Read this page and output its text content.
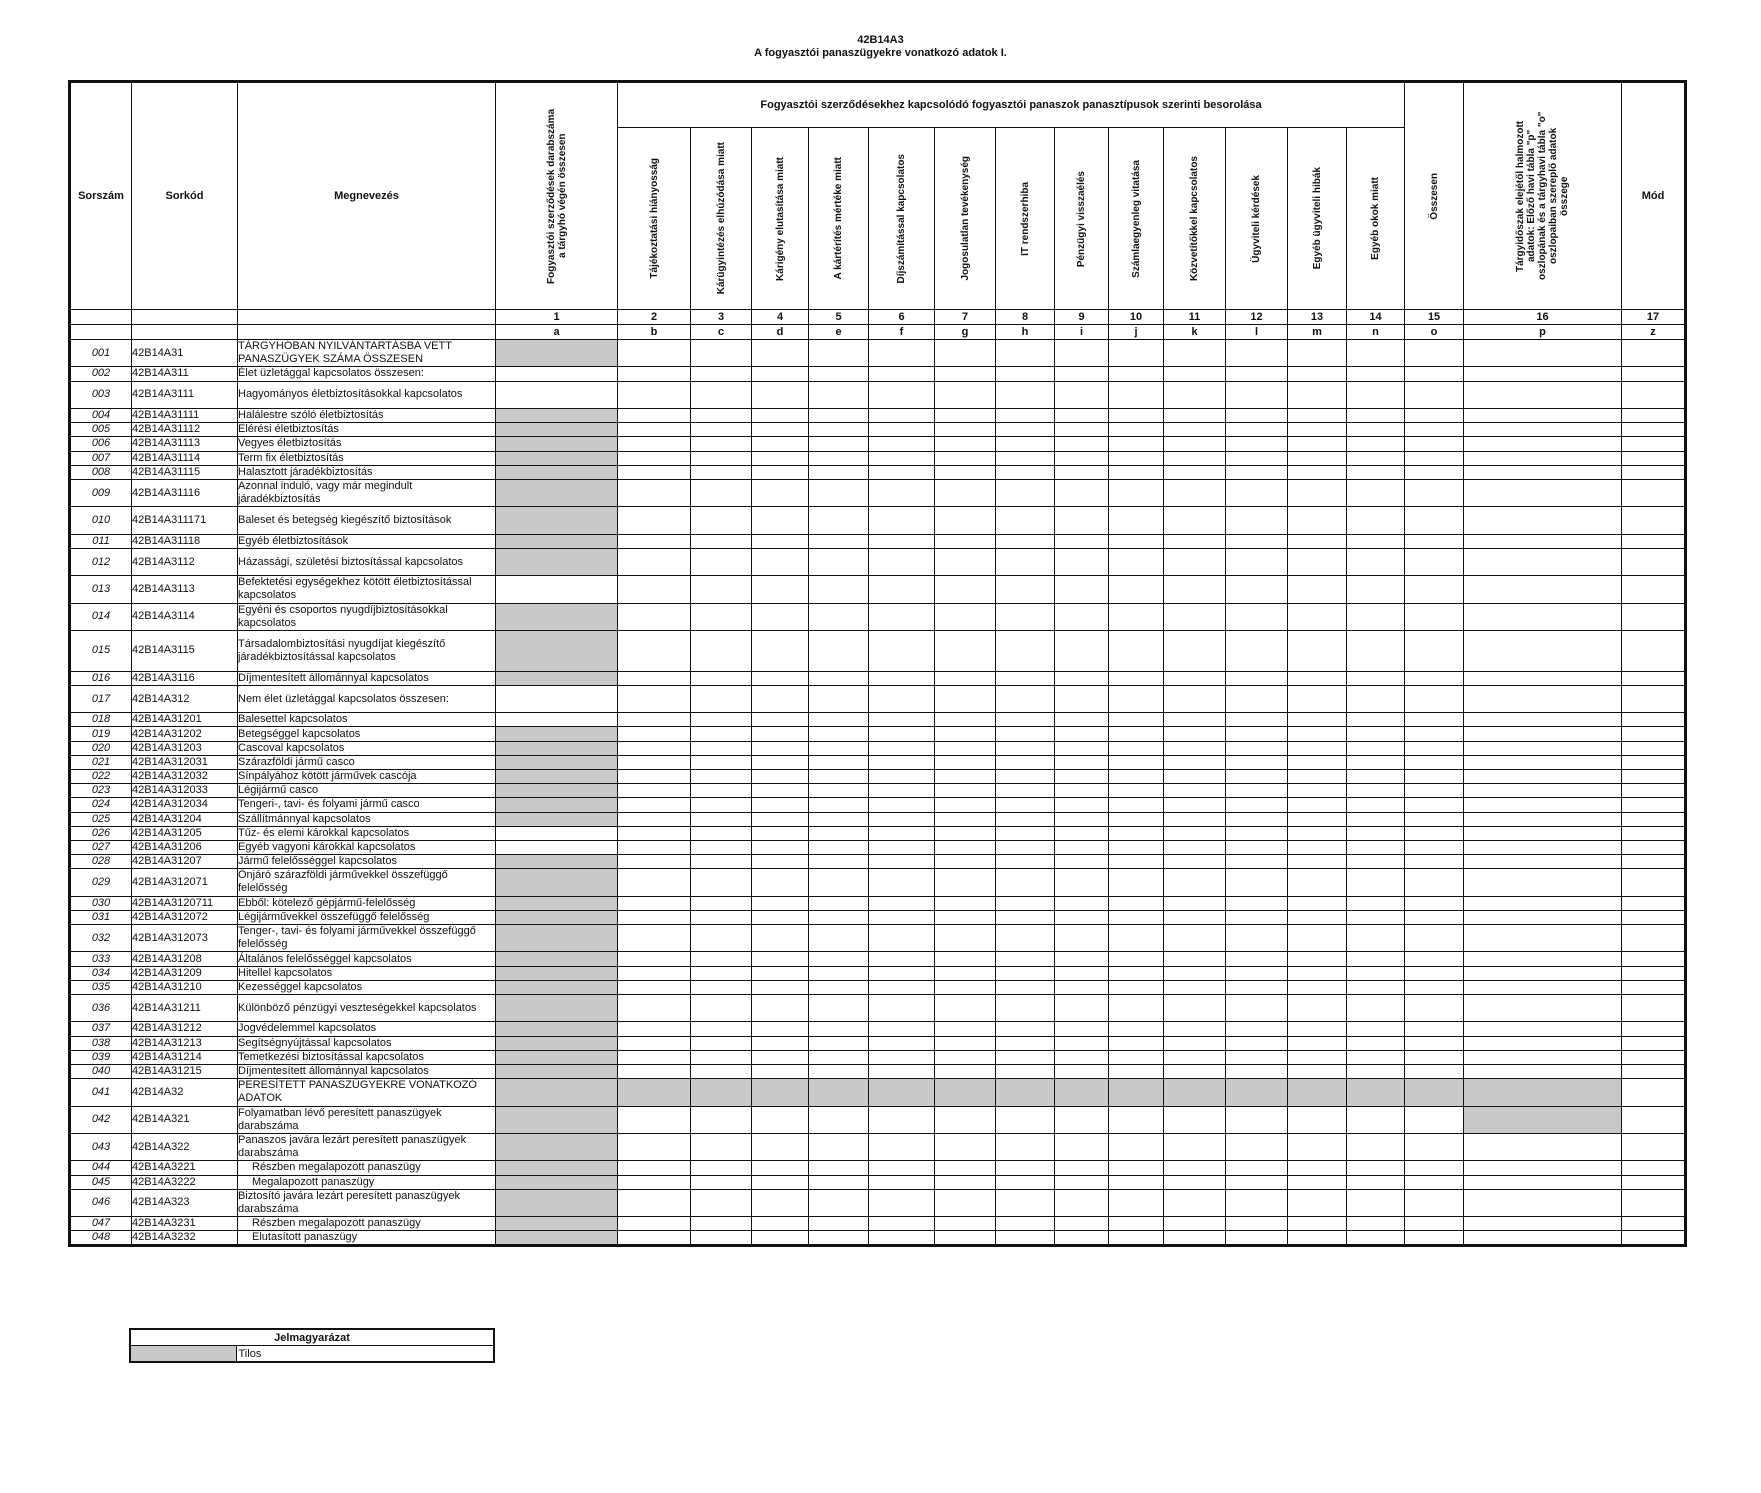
42B14A3
A fogyasztói panaszügyekre vonatkozó adatok I.
Sorszám	Sorkód	Megnevezés	Fogyasztói szerződések darabszáma a tárgyhó végén összesen	Fogyasztói szerződésekhez kapcsolódó fogyasztói panaszok panasztípusok szerinti besorolása													Összesen	Tárgyidőszak elejétől halmozott adatok: Előző havi tábla "p" oszlopának és a tárgyhavi tábla "o" oszlopaiban szereplő adatok összege	Mód

				Tájékoztatási hiányosság	Kárügyintézés elhúzódása miatt	Kárigény elutasítása miatt	A kártérítés mértéke miatt	Díjszámítással kapcsolatos	Jogosulatlan tevékenység	IT rendszerhiba	Pénzügyi visszaélés	Számlaegyenleg vitatása	Közvetítőkkel kapcsolatos	Ügyviteli kérdések	Egyéb ügyviteli hibák	Egyéb okok miatt			

			1	2	3	4	5	6	7	8	9	10	11	12	13	14	15	16	17
			a	b	c	d	e	f	g	h	i	j	k	l	m	n	o	p	z
001	42B14A31	TÁRGYHÓBAN NYILVÁNTARTÁSBA VETT PANASZÜGYEK SZÁMA ÖSSZESEN																	
002	42B14A311	Élet üzletággal kapcsolatos összesen:																	
003	42B14A3111	Hagyományos életbiztosításokkal kapcsolatos																	
004	42B14A31111	Halálestre szóló életbiztosítás																	
005	42B14A31112	Elérési életbiztosítás																	
006	42B14A31113	Vegyes életbiztosítás																	
007	42B14A31114	Term fix életbiztosítás																	
008	42B14A31115	Halasztott járadékbiztosítás																	
009	42B14A31116	Azonnal induló, vagy már megindult járadékbiztosítás																	
010	42B14A311171	Baleset és betegség kiegészítő biztosítások																	
011	42B14A31118	Egyéb életbiztosítások																	
012	42B14A3112	Házassági, születési biztosítással kapcsolatos																	
013	42B14A3113	Befektetési egységekhez kötött életbiztosítással kapcsolatos																	
014	42B14A3114	Egyéni és csoportos nyugdíjbiztosításokkal kapcsolatos																	
015	42B14A3115	Társadalombiztosítási nyugdíjat kiegészítő járadékbiztosítással kapcsolatos																	
016	42B14A3116	Díjmentesített állománnyal kapcsolatos																	
017	42B14A312	Nem élet üzletággal kapcsolatos összesen:																	
018	42B14A31201	Balesettel kapcsolatos																	
019	42B14A31202	Betegséggel kapcsolatos																	
020	42B14A31203	Cascoval kapcsolatos																	
021	42B14A312031	Szárazföldi jármű casco																	
022	42B14A312032	Sínpályához kötött járművek cascója																	
023	42B14A312033	Légijármű casco																	
024	42B14A312034	Tengeri-, tavi- és folyami jármű casco																	
025	42B14A31204	Szállítmánnyal kapcsolatos																	
026	42B14A31205	Tűz- és elemi károkkal kapcsolatos																	
027	42B14A31206	Egyéb vagyoni károkkal kapcsolatos																	
028	42B14A31207	Jármű felelősséggel kapcsolatos																	
029	42B14A312071	Önjáró szárazföldi járművekkel összefüggő felelősség																	
030	42B14A3120711	Ebből: kötelező gépjármű-felelősség																	
031	42B14A312072	Légijárművekkel összefüggő felelősség																	
032	42B14A312073	Tenger-, tavi- és folyami járművekkel összefüggő felelősség																	
033	42B14A31208	Általános felelősséggel kapcsolatos																	
034	42B14A31209	Hitellel kapcsolatos																	
035	42B14A31210	Kezességgel kapcsolatos																	
036	42B14A31211	Különböző pénzügyi veszteségekkel kapcsolatos																	
037	42B14A31212	Jogvédelemmel kapcsolatos																	
038	42B14A31213	Segítségnyújtással kapcsolatos																	
039	42B14A31214	Temetkezési biztosítással kapcsolatos																	
040	42B14A31215	Díjmentesített állománnyal kapcsolatos																	
041	42B14A32	PERESÍTETT PANASZÜGYEKRE VONATKOZÓ ADATOK																	
042	42B14A321	Folyamatban lévő peresített panaszügyek darabszáma																	
043	42B14A322	Panaszos javára lezárt peresített panaszügyek darabszáma																	
044	42B14A3221	Részben megalapozott panaszügy																	
045	42B14A3222	Megalapozott panaszügy																	
046	42B14A323	Biztosító javára lezárt peresített panaszügyek darabszáma																	
047	42B14A3231	Részben megalapozott panaszügy																	
048	42B14A3232	Elutasított panaszügy																	
Jelmagyarázat
	Tilos
